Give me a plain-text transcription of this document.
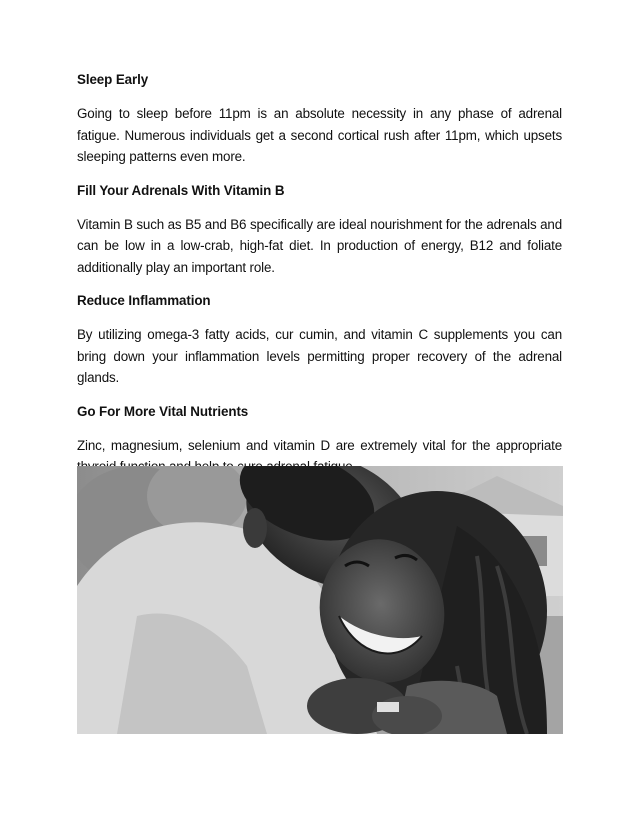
Sleep Early

Going to sleep before 11pm is an absolute necessity in any phase of adrenal fatigue. Numerous individuals get a second cortical rush after 11pm, which upsets sleeping patterns even more.

Fill Your Adrenals With Vitamin B

Vitamin B such as B5 and B6 specifically are ideal nourishment for the adrenals and can be low in a low-crab, high-fat diet. In production of energy, B12 and foliate additionally play an important role.

Reduce Inflammation

By utilizing omega-3 fatty acids, cur cumin, and vitamin C supplements you can bring down your inflammation levels permitting proper recovery of the adrenal glands.

Go For More Vital Nutrients

Zinc, magnesium, selenium and vitamin D are extremely vital for the appropriate
